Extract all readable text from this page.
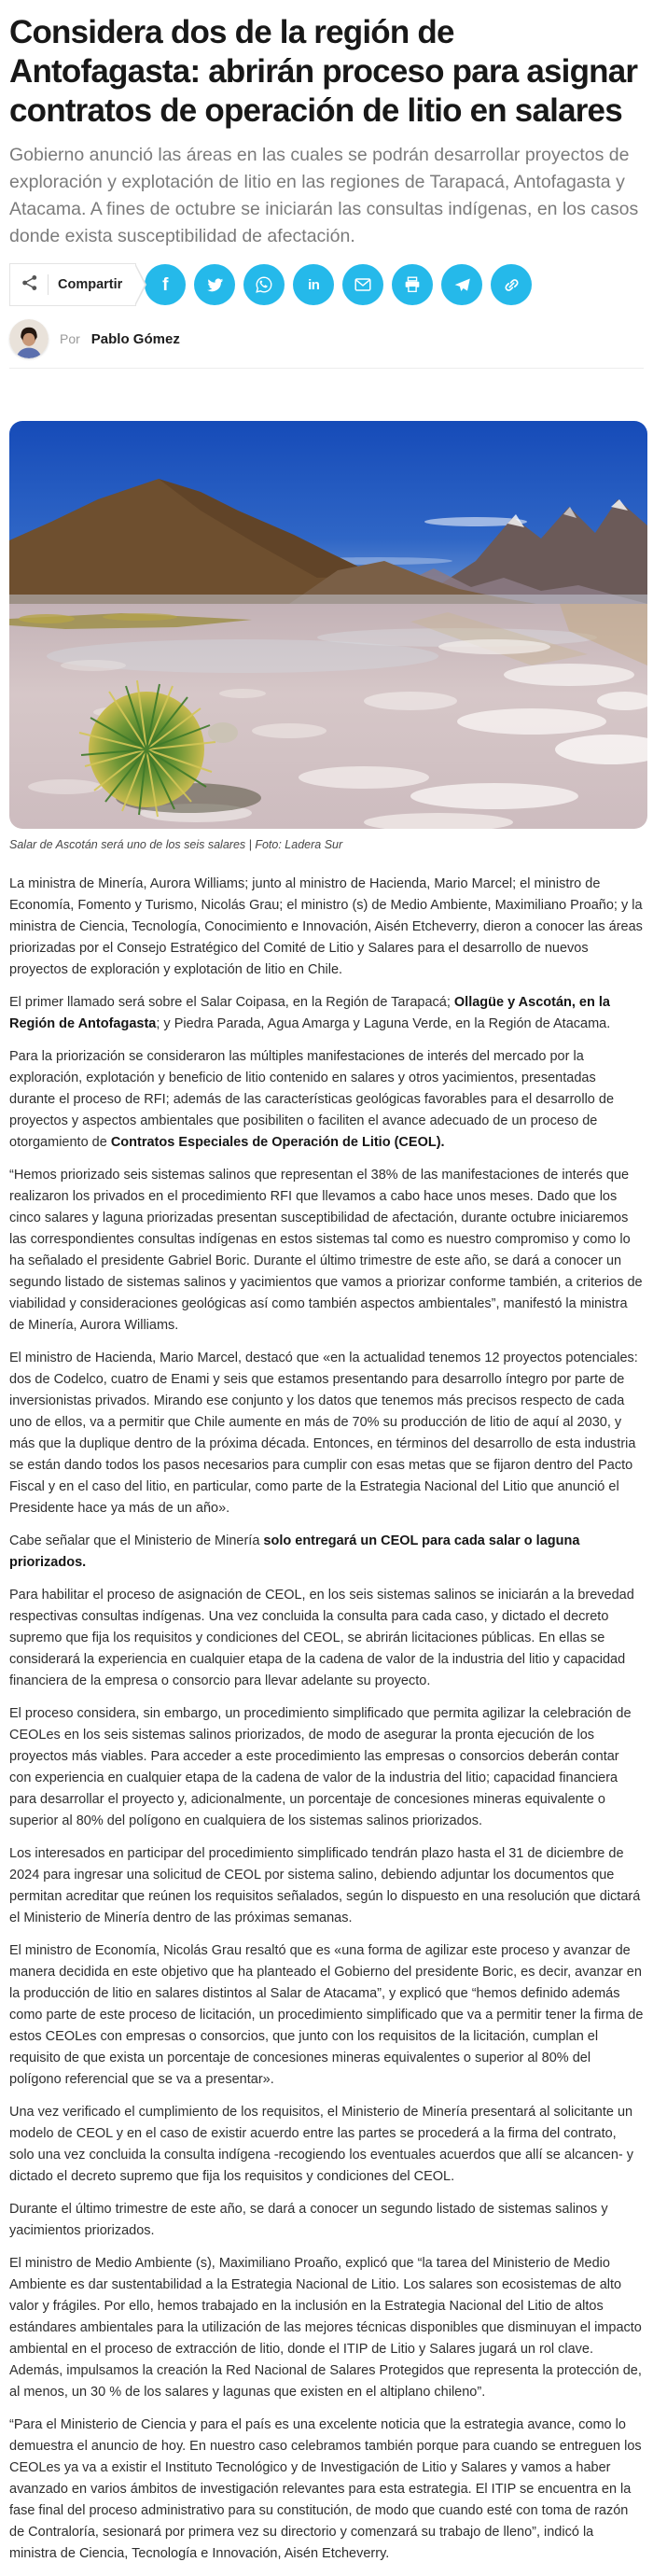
Considera dos de la región de Antofagasta: abrirán proceso para asignar contratos de operación de litio en salares

Gobierno anunció las áreas en las cuales se podrán desarrollar proyectos de exploración y explotación de litio en las regiones de Tarapacá, Antofagasta y Atacama. A fines de octubre se iniciarán las consultas indígenas, en los casos donde exista susceptibilidad de afectación.

Compartir f	in
Por Pablo Gómez
Salar de Ascotán será uno de los seis salares | Foto: Ladera Sur

La ministra de Minería, Aurora Williams; junto al ministro de Hacienda, Mario Marcel; el ministro de Economía, Fomento y Turismo, Nicolás Grau; el ministro (s) de Medio Ambiente, Maximiliano Proaño; y la ministra de Ciencia, Tecnología, Conocimiento e Innovación, Aisén Etcheverry, dieron a conocer las áreas priorizadas por el Consejo Estratégico del Comité de Litio y Salares para el desarrollo de nuevos proyectos de exploración y explotación de litio en Chile.

El primer llamado será sobre el Salar Coipasa, en la Región de Tarapacá; Ollagüe y Ascotán, en la Región de Antofagasta; y Piedra Parada, Agua Amarga y Laguna Verde, en la Región de Atacama.

Para la priorización se consideraron las múltiples manifestaciones de interés del mercado por la exploración, explotación y beneficio de litio contenido en salares y otros yacimientos, presentadas durante el proceso de RFI; además de las características geológicas favorables para el desarrollo de proyectos y aspectos ambientales que posibiliten o faciliten el avance adecuado de un proceso de otorgamiento de Contratos Especiales de Operación de Litio (CEOL).

“Hemos priorizado seis sistemas salinos que representan el 38% de las manifestaciones de interés que realizaron los privados en el procedimiento RFI que llevamos a cabo hace unos meses. Dado que los cinco salares y laguna priorizadas presentan susceptibilidad de afectación, durante octubre iniciaremos las correspondientes consultas indígenas en estos sistemas tal como es nuestro compromiso y como lo ha señalado el presidente Gabriel Boric. Durante el último trimestre de este año, se dará a conocer un segundo listado de sistemas salinos y yacimientos que vamos a priorizar conforme también, a criterios de viabilidad y consideraciones geológicas así como también aspectos ambientales”, manifestó la ministra de Minería, Aurora Williams.

El ministro de Hacienda, Mario Marcel, destacó que «en la actualidad tenemos 12 proyectos potenciales: dos de Codelco, cuatro de Enami y seis que estamos presentando para desarrollo íntegro por parte de inversionistas privados. Mirando ese conjunto y los datos que tenemos más precisos respecto de cada uno de ellos, va a permitir que Chile aumente en más de 70% su producción de litio de aquí al 2030, y más que la duplique dentro de la próxima década. Entonces, en términos del desarrollo de esta industria se están dando todos los pasos necesarios para cumplir con esas metas que se fijaron dentro del Pacto Fiscal y en el caso del litio, en particular, como parte de la Estrategia Nacional del Litio que anunció el Presidente hace ya más de un año».

Cabe señalar que el Ministerio de Minería solo entregará un CEOL para cada salar o laguna priorizados.

Para habilitar el proceso de asignación de CEOL, en los seis sistemas salinos se iniciarán a la brevedad respectivas consultas indígenas. Una vez concluida la consulta para cada caso, y dictado el decreto supremo que fija los requisitos y condiciones del CEOL, se abrirán licitaciones públicas. En ellas se considerará la experiencia en cualquier etapa de la cadena de valor de la industria del litio y capacidad financiera de la empresa o consorcio para llevar adelante su proyecto.

El proceso considera, sin embargo, un procedimiento simplificado que permita agilizar la celebración de CEOLes en los seis sistemas salinos priorizados, de modo de asegurar la pronta ejecución de los proyectos más viables. Para acceder a este procedimiento las empresas o consorcios deberán contar con experiencia en cualquier etapa de la cadena de valor de la industria del litio; capacidad financiera para desarrollar el proyecto y, adicionalmente, un porcentaje de concesiones mineras equivalente o superior al 80% del polígono en cualquiera de los sistemas salinos priorizados.

Los interesados en participar del procedimiento simplificado tendrán plazo hasta el 31 de diciembre de 2024 para ingresar una solicitud de CEOL por sistema salino, debiendo adjuntar los documentos que permitan acreditar que reúnen los requisitos señalados, según lo dispuesto en una resolución que dictará el Ministerio de Minería dentro de las próximas semanas.

El ministro de Economía, Nicolás Grau resaltó que es «una forma de agilizar este proceso y avanzar de manera decidida en este objetivo que ha planteado el Gobierno del presidente Boric, es decir, avanzar en la producción de litio en salares distintos al Salar de Atacama”, y explicó que “hemos definido además como parte de este proceso de licitación, un procedimiento simplificado que va a permitir tener la firma de estos CEOLes con empresas o consorcios, que junto con los requisitos de la licitación, cumplan el requisito de que exista un porcentaje de concesiones mineras equivalentes o superior al 80% del polígono referencial que se va a presentar».

Una vez verificado el cumplimiento de los requisitos, el Ministerio de Minería presentará al solicitante un modelo de CEOL y en el caso de existir acuerdo entre las partes se procederá a la firma del contrato, solo una vez concluida la consulta indígena -recogiendo los eventuales acuerdos que allí se alcancen- y dictado el decreto supremo que fija los requisitos y condiciones del CEOL.

Durante el último trimestre de este año, se dará a conocer un segundo listado de sistemas salinos y yacimientos priorizados.

El ministro de Medio Ambiente (s), Maximiliano Proaño, explicó que “la tarea del Ministerio de Medio Ambiente es dar sustentabilidad a la Estrategia Nacional de Litio. Los salares son ecosistemas de alto valor y frágiles. Por ello, hemos trabajado en la inclusión en la Estrategia Nacional del Litio de altos estándares ambientales para la utilización de las mejores técnicas disponibles que disminuyan el impacto ambiental en el proceso de extracción de litio, donde el ITIP de Litio y Salares jugará un rol clave. Además, impulsamos la creación la Red Nacional de Salares Protegidos que representa la protección de, al menos, un 30 % de los salares y lagunas que existen en el altiplano chileno”.

“Para el Ministerio de Ciencia y para el país es una excelente noticia que la estrategia avance, como lo demuestra el anuncio de hoy. En nuestro caso celebramos también porque para cuando se entreguen los CEOLes ya va a existir el Instituto Tecnológico y de Investigación de Litio y Salares y vamos a haber avanzado en varios ámbitos de investigación relevantes para esta estrategia. El ITIP se encuentra en la fase final del proceso administrativo para su constitución, de modo que cuando esté con toma de razón de Contraloría, sesionará por primera vez su directorio y comenzará su trabajo de lleno”, indicó la ministra de Ciencia, Tecnología e Innovación, Aisén Etcheverry.
